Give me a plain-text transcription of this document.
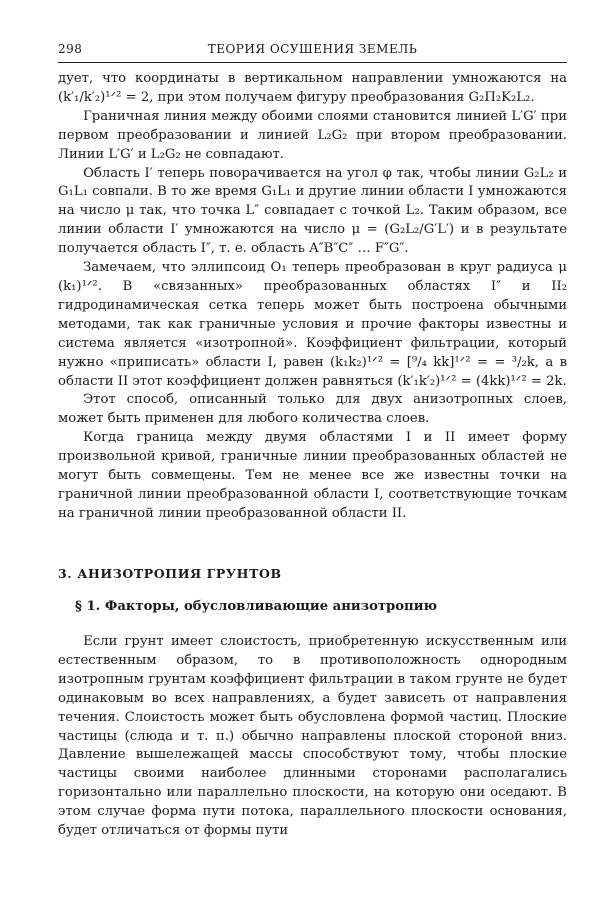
298	ТЕОРИЯ ОСУШЕНИЯ ЗЕМЕЛЬ

дует, что координаты в вертикальном направлении умножаются на (k′₁/k′₂)¹ᐟ² = 2, при этом получаем фигуру преобразования G₂П₂K₂L₂.

Граничная линия между обоими слоями становится линией L′G′ при первом преобразовании и линией L₂G₂ при втором преобразовании. Линии L′G′ и L₂G₂ не совпадают.

Область I′ теперь поворачивается на угол φ так, чтобы линии G₂L₂ и G₁L₁ совпали. В то же время G₁L₁ и другие линии области I умножаются на число μ так, что точка L″ совпадает с точкой L₂. Таким образом, все линии области I′ умножаются на число μ = (G₂L₂/G′L′) и в результате получается область I″, т. е. область A″B″C″ … F″G″.

Замечаем, что эллипсоид O₁ теперь преобразован в круг радиуса μ (k₁)¹ᐟ². В «связанных» преобразованных областях I″ и II₂ гидродинамическая сетка теперь может быть построена обычными методами, так как граничные условия и прочие факторы известны и система является «изотропной». Коэффициент фильтрации, который нужно «приписать» области I, равен (k₁k₂)¹ᐟ² = [⁹/₄ kk]¹ᐟ² = = ³/₂k, а в области II этот коэффициент должен равняться (k′₁k′₂)¹ᐟ² = (4kk)¹ᐟ² = 2k.

Этот способ, описанный только для двух анизотропных слоев, может быть применен для любого количества слоев.

Когда граница между двумя областями I и II имеет форму произвольной кривой, граничные линии преобразованных областей не могут быть совмещены. Тем не менее все же известны точки на граничной линии преобразованной области I, соответствующие точкам на граничной линии преобразованной области II.

3. АНИЗОТРОПИЯ ГРУНТОВ
§ 1. Факторы, обусловливающие анизотропию

Если грунт имеет слоистость, приобретенную искусственным или естественным образом, то в противоположность однородным изотропным грунтам коэффициент фильтрации в таком грунте не будет одинаковым во всех направлениях, а будет зависеть от направления течения. Слоистость может быть обусловлена формой частиц. Плоские частицы (слюда и т. п.) обычно направлены плоской стороной вниз. Давление вышележащей массы способствуют тому, чтобы плоские частицы своими наиболее длинными сторонами располагались горизонтально или параллельно плоскости, на которую они оседают. В этом случае форма пути потока, параллельного плоскости основания, будет отличаться от формы пути
